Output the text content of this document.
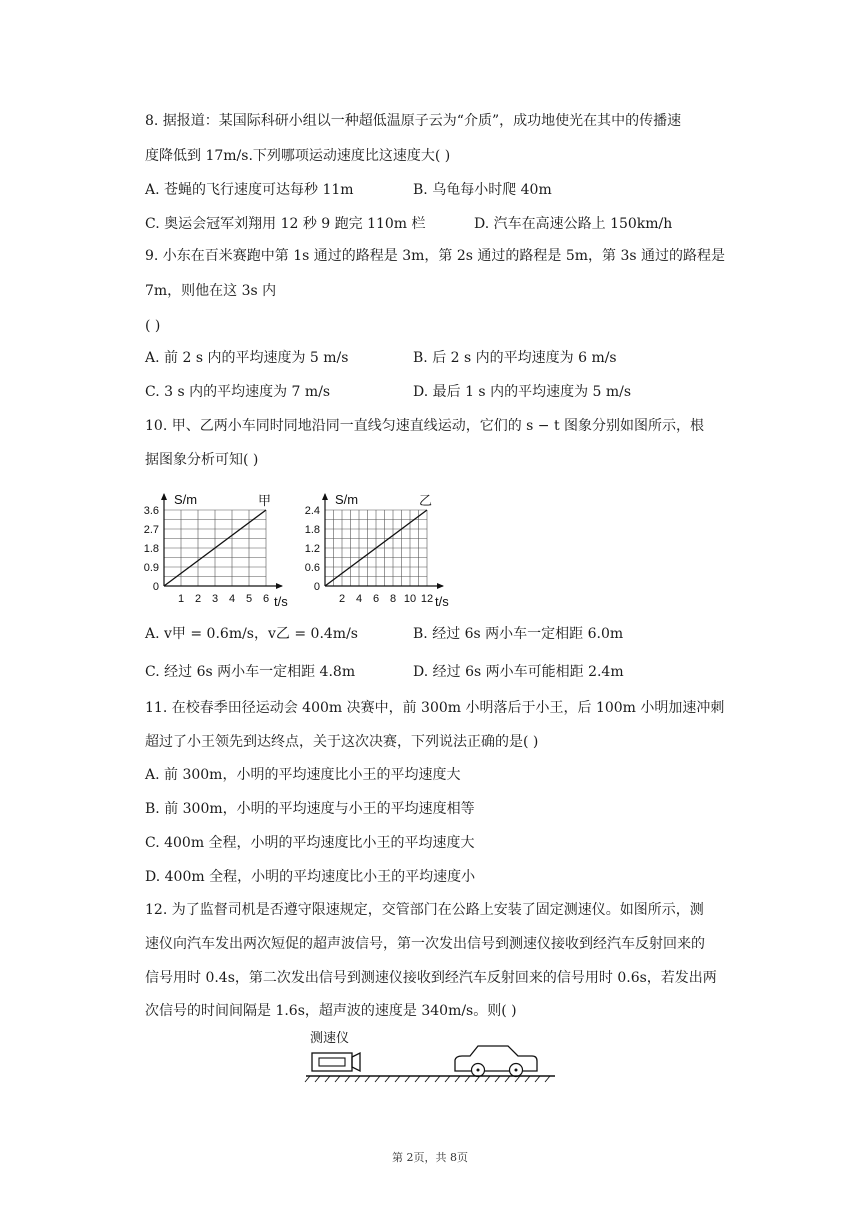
8. 据报道：某国际科研小组以一种超低温原子云为“介质”，成功地使光在其中的传播速
度降低到 17m/s.下列哪项运动速度比这速度大( )
A. 苍蝇的飞行速度可达每秒 11m	B. 乌龟每小时爬 40m
C. 奥运会冠军刘翔用 12 秒 9 跑完 110m 栏	D. 汽车在高速公路上 150km/h
9. 小东在百米赛跑中第 1s 通过的路程是 3m，第 2s 通过的路程是 5m，第 3s 通过的路程是
7m，则他在这 3s 内
( )
A. 前 2 s 内的平均速度为 5 m/s	B. 后 2 s 内的平均速度为 6 m/s
C. 3 s 内的平均速度为 7 m/s	D. 最后 1 s 内的平均速度为 5 m/s
10. 甲、乙两小车同时同地沿同一直线匀速直线运动，它们的 s − t 图象分别如图所示，根
据图象分析可知( )
0
0.9
1.8
2.7
3.6
1 2 3 4 5 6
S/m
t/s
甲
0
0.6
1.2
1.8
2.4
2 4 6 8 10 12
S/m
t/s
乙
A. v甲 = 0.6m/s，v乙 = 0.4m/s	B. 经过 6s 两小车一定相距 6.0m
C. 经过 6s 两小车一定相距 4.8m	D. 经过 6s 两小车可能相距 2.4m
11. 在校春季田径运动会 400m 决赛中，前 300m 小明落后于小王，后 100m 小明加速冲刺
超过了小王领先到达终点，关于这次决赛，下列说法正确的是( )
A. 前 300m，小明的平均速度比小王的平均速度大
B. 前 300m，小明的平均速度与小王的平均速度相等
C. 400m 全程，小明的平均速度比小王的平均速度大
D. 400m 全程，小明的平均速度比小王的平均速度小
12. 为了监督司机是否遵守限速规定，交管部门在公路上安装了固定测速仪。如图所示，测
速仪向汽车发出两次短促的超声波信号，第一次发出信号到测速仪接收到经汽车反射回来的
信号用时 0.4s，第二次发出信号到测速仪接收到经汽车反射回来的信号用时 0.6s，若发出两
次信号的时间间隔是 1.6s，超声波的速度是 340m/s。则( )
测速仪
第 2页，共 8页
